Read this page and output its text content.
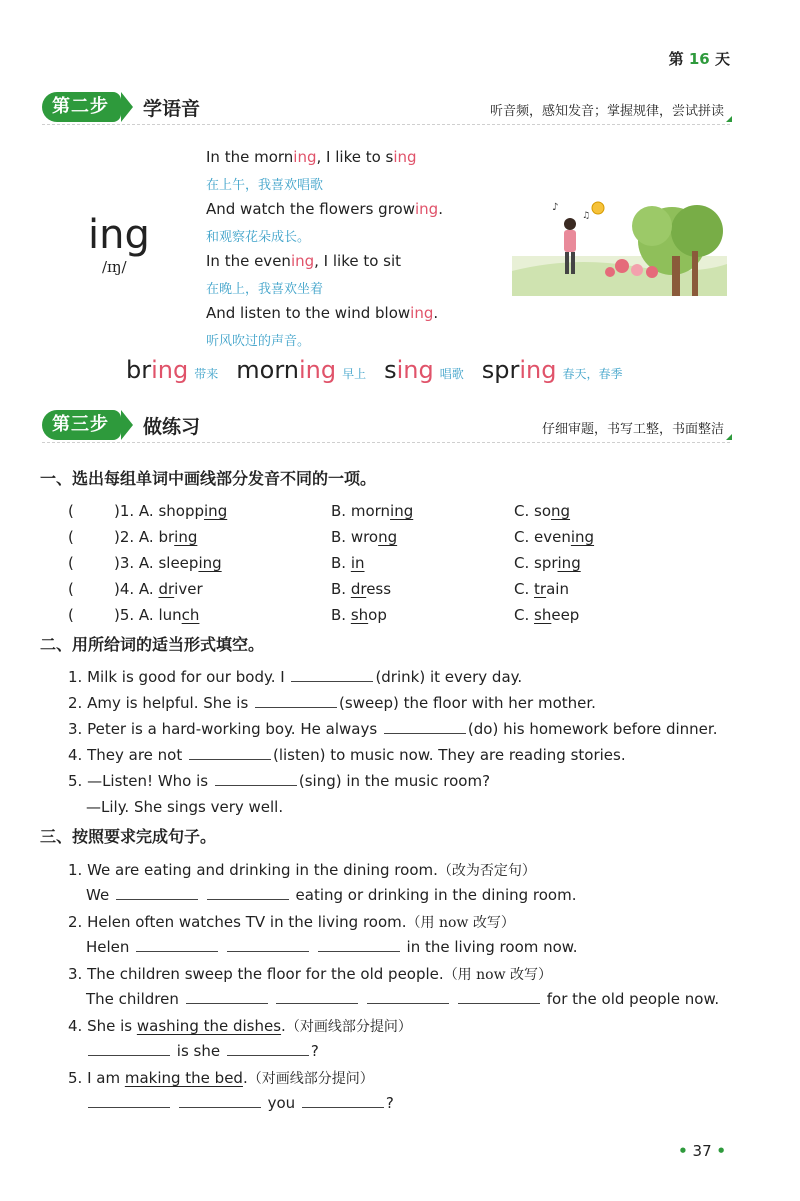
第 16 天
第二步	学语音	听音频，感知发音；掌握规律，尝试拼读
ing
/ɪŋ/
In the morning, I like to sing
在上午，我喜欢唱歌
And watch the flowers growing.
和观察花朵成长。
In the evening, I like to sit
在晚上，我喜欢坐着
And listen to the wind blowing.
听风吹过的声音。
♪
♫
bring 带来 morning 早上 sing 唱歌 spring 春天，春季
第三步	做练习	仔细审题，书写工整，书面整洁
一、选出每组单词中画线部分发音不同的一项。
(	)1. A. shopping	B. morning	C. song
(	)2. A. bring	B. wrong	C. evening
(	)3. A. sleeping	B. in	C. spring
(	)4. A. driver	B. dress	C. train
(	)5. A. lunch	B. shop	C. sheep
二、用所给词的适当形式填空。
1. Milk is good for our body. I	(drink) it every day.
2. Amy is helpful. She is	(sweep) the floor with her mother.
3. Peter is a hard-working boy. He always	(do) his homework before dinner.
4. They are not	(listen) to music now. They are reading stories.
5. —Listen! Who is	(sing) in the music room?
—Lily. She sings very well.
三、按照要求完成句子。
1. We are eating and drinking in the dining room.（改为否定句）
We	eating or drinking in the dining room.
2. Helen often watches TV in the living room.（用 now 改写）
Helen	in the living room now.
3. The children sweep the floor for the old people.（用 now 改写）
The children	for the old people now.
4. She is washing the dishes.（对画线部分提问）
is she	?
5. I am making the bed.（对画线部分提问）
you	?
• 37 •
